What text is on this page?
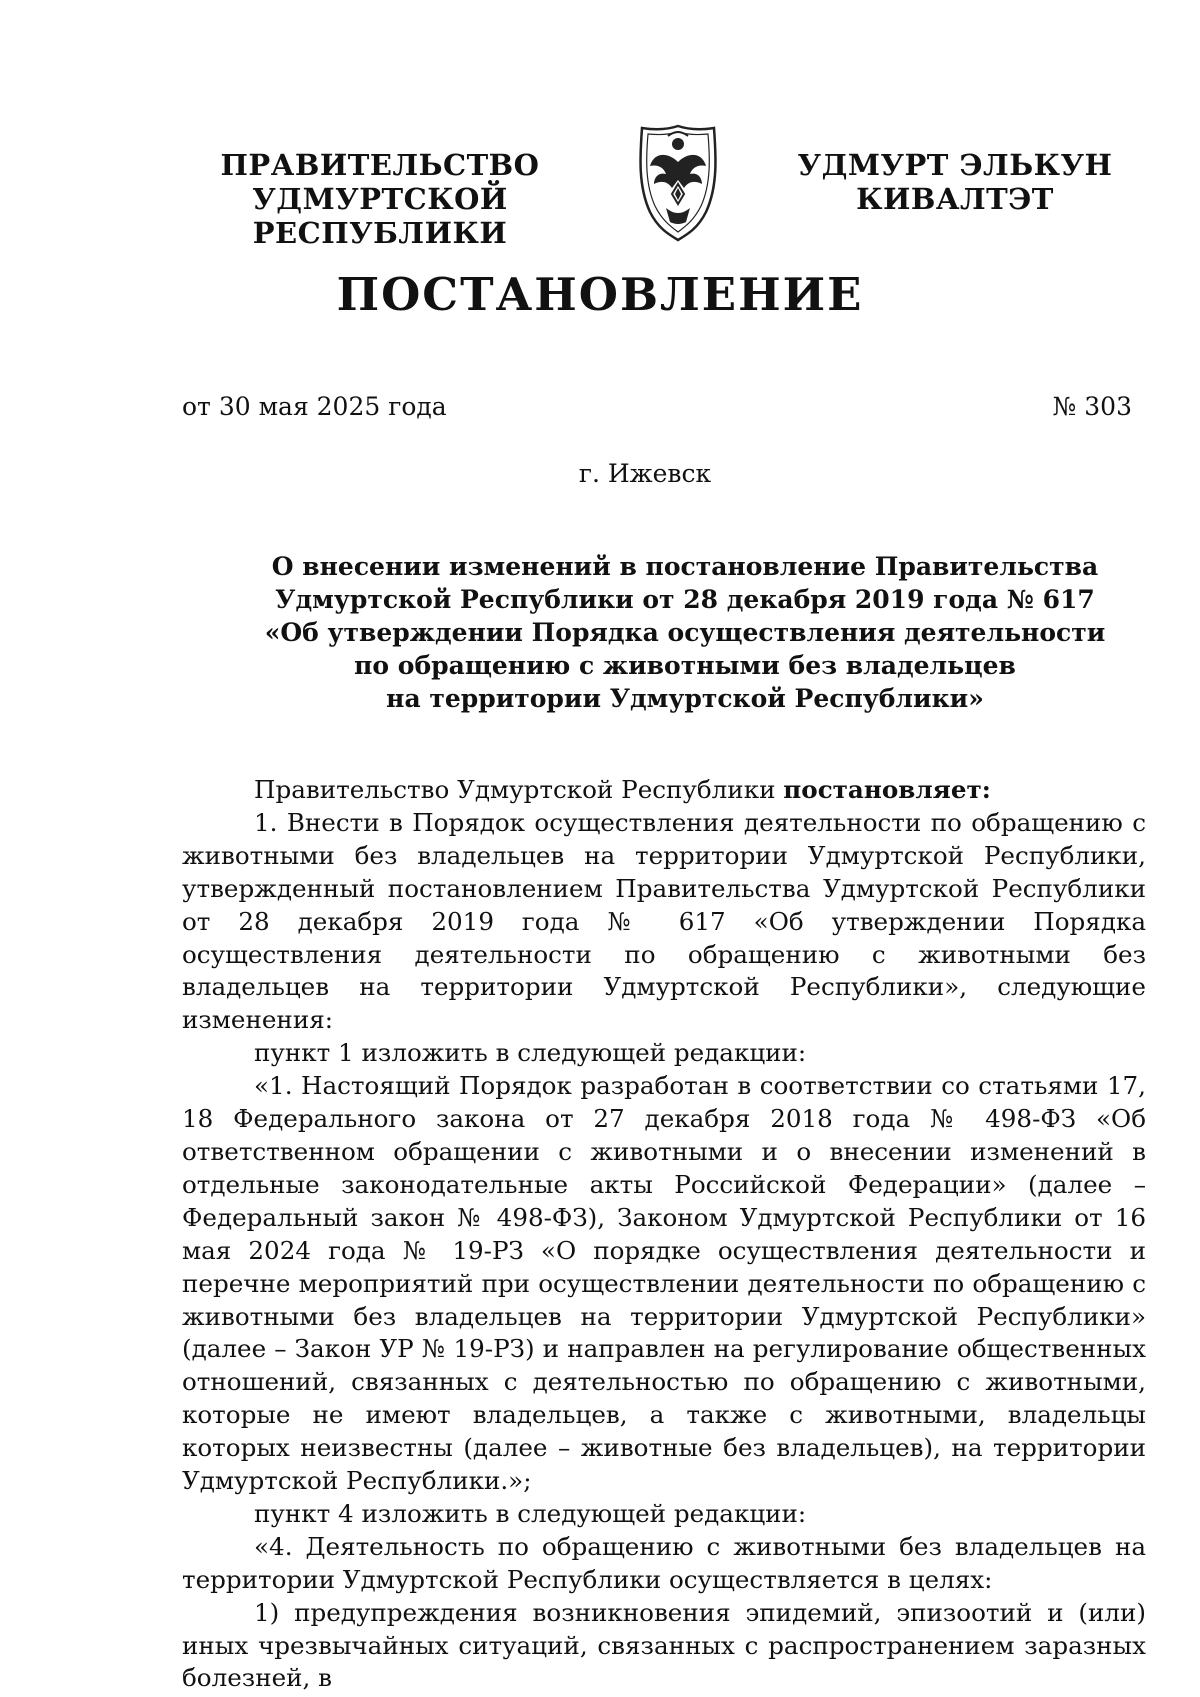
ПРАВИТЕЛЬСТВО
УДМУРТСКОЙ РЕСПУБЛИКИ
УДМУРТ ЭЛЬКУН
КИВАЛТЭТ
ПОСТАНОВЛЕНИЕ
от 30 мая 2025 года	№ 303
г. Ижевск
О внесении изменений в постановление Правительства
Удмуртской Республики от 28 декабря 2019 года № 617
«Об утверждении Порядка осуществления деятельности
по обращению с животными без владельцев
на территории Удмуртской Республики»

Правительство Удмуртской Республики постановляет:

1. Внести в Порядок осуществления деятельности по обращению с животными без владельцев на территории Удмуртской Республики, утвержденный постановлением Правительства Удмуртской Республики от 28 декабря 2019 года № 617 «Об утверждении Порядка осуществления деятельности по обращению с животными без владельцев на территории Удмуртской Республики», следующие изменения:

пункт 1 изложить в следующей редакции:

«1. Настоящий Порядок разработан в соответствии со статьями 17, 18 Федерального закона от 27 декабря 2018 года № 498-ФЗ «Об ответственном обращении с животными и о внесении изменений в отдельные законодательные акты Российской Федерации» (далее – Федеральный закон № 498-ФЗ), Законом Удмуртской Республики от 16 мая 2024 года № 19-РЗ «О порядке осуществления деятельности и перечне мероприятий при осуществлении деятельности по обращению с животными без владельцев на территории Удмуртской Республики» (далее – Закон УР № 19-РЗ) и направлен на регулирование общественных отношений, связанных с деятельностью по обращению с животными, которые не имеют владельцев, а также с животными, владельцы которых неизвестны (далее – животные без владельцев), на территории Удмуртской Республики.»;

пункт 4 изложить в следующей редакции:

«4. Деятельность по обращению с животными без владельцев на территории Удмуртской Республики осуществляется в целях:

1) предупреждения возникновения эпидемий, эпизоотий и (или) иных чрезвычайных ситуаций, связанных с распространением заразных болезней, в
